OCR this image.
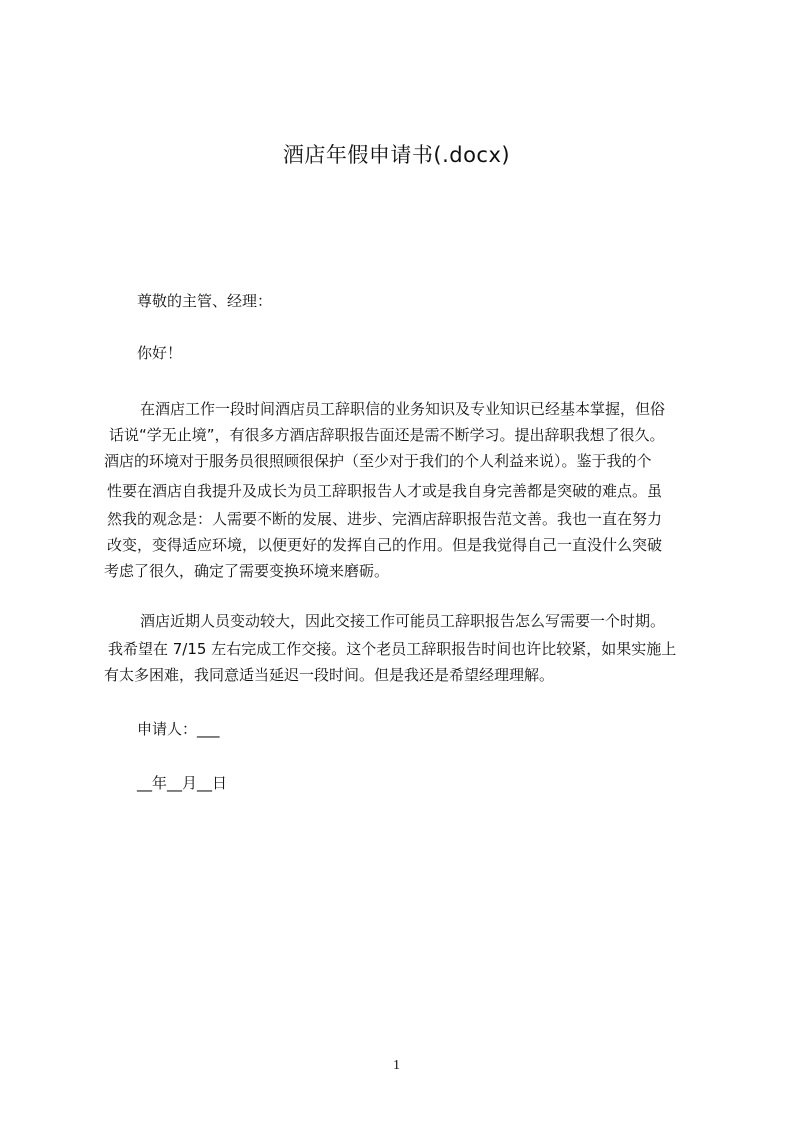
酒店年假申请书(.docx)
尊敬的主管、经理：
你好！
在酒店工作一段时间酒店员工辞职信的业务知识及专业知识已经基本掌握，但俗
话说“学无止境”，有很多方酒店辞职报告面还是需不断学习。提出辞职我想了很久。
酒店的环境对于服务员很照顾很保护（至少对于我们的个人利益来说）。鉴于我的个
性要在酒店自我提升及成长为员工辞职报告人才或是我自身完善都是突破的难点。虽
然我的观念是：人需要不断的发展、进步、完酒店辞职报告范文善。我也一直在努力
改变，变得适应环境，以便更好的发挥自己的作用。但是我觉得自己一直没什么突破
考虑了很久，确定了需要变换环境来磨砺。
酒店近期人员变动较大，因此交接工作可能员工辞职报告怎么写需要一个时期。
我希望在 7/15 左右完成工作交接。这个老员工辞职报告时间也许比较紧，如果实施上
有太多困难，我同意适当延迟一段时间。但是我还是希望经理理解。
申请人：___
__年__月__日
1
